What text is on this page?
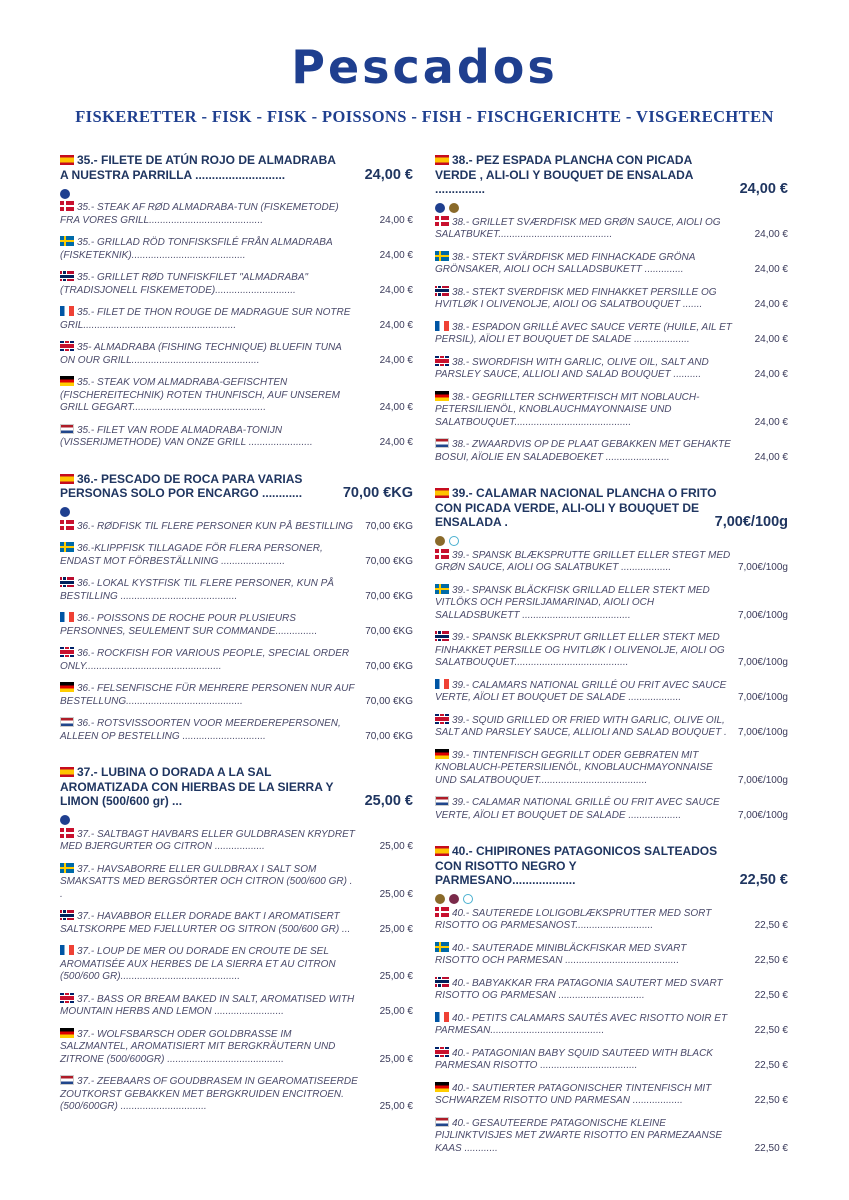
Pescados
FISKERETTER - FISK - FISK - POISSONS - FISH - FISCHGERICHTE - VISGERECHTEN
35.- FILETE DE ATÚN ROJO DE ALMADRABA A NUESTRA PARRILLA ...........................	24,00 €
35.- STEAK AF RØD ALMADRABA-TUN (FISKEMETODE) FRA VORES GRILL.........................................	24,00 €
35.- GRILLAD RÖD TONFISKSFILÉ FRÅN ALMADRABA (FISKETEKNIK).........................................	24,00 €
35.- GRILLET RØD TUNFISKFILET "ALMADRABA" (TRADISJONELL FISKEMETODE).............................	24,00 €
35.- FILET DE THON ROUGE DE MADRAGUE SUR NOTRE GRIL.......................................................	24,00 €
35- ALMADRABA (FISHING TECHNIQUE) BLUEFIN TUNA ON OUR GRILL..............................................	24,00 €
35.- STEAK VOM ALMADRABA-GEFISCHTEN (FISCHEREITECHNIK) ROTEN THUNFISCH, AUF UNSEREM GRILL GEGART................................................	24,00 €
35.- FILET VAN RODE ALMADRABA-TONIJN (VISSERIJMETHODE) VAN ONZE GRILL .......................	24,00 €
36.- PESCADO DE ROCA PARA VARIAS PERSONAS SOLO POR ENCARGO ............	70,00 €KG
36.- RØDFISK TIL FLERE PERSONER KUN PÅ BESTILLING 70,00 €KG
36.-KLIPPFISK TILLAGADE FÖR FLERA PERSONER, ENDAST MOT FÖRBESTÄLLNING .......................	70,00 €KG
36.- LOKAL KYSTFISK TIL FLERE PERSONER, KUN PÅ BESTILLING ..........................................	70,00 €KG
36.- POISSONS DE ROCHE POUR PLUSIEURS PERSONNES, SEULEMENT SUR COMMANDE...............	70,00 €KG
36.- ROCKFISH FOR VARIOUS PEOPLE, SPECIAL ORDER ONLY.................................................	70,00 €KG
36.- FELSENFISCHE FÜR MEHRERE PERSONEN NUR AUF BESTELLUNG..........................................	70,00 €KG
36.- ROTSVISSOORTEN VOOR MEERDEREPERSONEN, ALLEEN OP BESTELLING ..............................	70,00 €KG
37.- LUBINA O DORADA A LA SAL AROMATIZADA CON HIERBAS DE LA SIERRA Y LIMON (500/600 gr) ...	25,00 €
37.- SALTBAGT HAVBARS ELLER GULDBRASEN KRYDRET MED BJERGURTER OG CITRON ..................	25,00 €
37.- HAVSABORRE ELLER GULDBRAX I SALT SOM SMAKSATTS MED BERGSÖRTER OCH CITRON (500/600 GR) . .	25,00 €
37.- HAVABBOR ELLER DORADE BAKT I AROMATISERT SALTSKORPE MED FJELLURTER OG SITRON (500/600 GR) ...	25,00 €
37.- LOUP DE MER OU DORADE EN CROUTE DE SEL AROMATISÉE AUX HERBES DE LA SIERRA ET AU CITRON (500/600 GR)...........................................	25,00 €
37.- BASS OR BREAM BAKED IN SALT, AROMATISED WITH MOUNTAIN HERBS AND LEMON .........................	25,00 €
37.- WOLFSBARSCH ODER GOLDBRASSE IM SALZMANTEL, AROMATISIERT MIT BERGKRÄUTERN UND ZITRONE (500/600GR) ..........................................	25,00 €
37.- ZEEBAARS OF GOUDBRASEM IN GEAROMATISEERDE ZOUTKORST GEBAKKEN MET BERGKRUIDEN ENCITROEN.(500/600GR) ...............................	25,00 €
38.- PEZ ESPADA PLANCHA CON PICADA VERDE , ALI-OLI Y BOUQUET DE ENSALADA ...............	24,00 €
38.- GRILLET SVÆRDFISK MED GRØN SAUCE, AIOLI OG SALATBUKET.........................................	24,00 €
38.- STEKT SVÄRDFISK MED FINHACKADE GRÖNA GRÖNSAKER, AIOLI OCH SALLADSBUKETT ..............	24,00 €
38.- STEKT SVERDFISK MED FINHAKKET PERSILLE OG HVITLØK I OLIVENOLJE, AIOLI OG SALATBOUQUET .......	24,00 €
38.- ESPADON GRILLÉ AVEC SAUCE VERTE (HUILE, AIL ET PERSIL), AÏOLI ET BOUQUET DE SALADE ....................	24,00 €
38.- SWORDFISH WITH GARLIC, OLIVE OIL, SALT AND PARSLEY SAUCE, ALLIOLI AND SALAD BOUQUET ..........	24,00 €
38.- GEGRILLTER SCHWERTFISCH MIT NOBLAUCH-PETERSILIENÖL, KNOBLAUCHMAYONNAISE UND SALATBOUQUET..........................................	24,00 €
38.- ZWAARDVIS OP DE PLAAT GEBAKKEN MET GEHAKTE BOSUI, AÏOLIE EN SALADEBOEKET .......................	24,00 €
39.- CALAMAR NACIONAL PLANCHA O FRITO CON PICADA VERDE, ALI-OLI Y BOUQUET DE ENSALADA .	7,00€/100g
39.- SPANSK BLÆKSPRUTTE GRILLET ELLER STEGT MED GRØN SAUCE, AIOLI OG SALATBUKET ..................	7,00€/100g
39.- SPANSK BLÄCKFISK GRILLAD ELLER STEKT MED VITLÖKS OCH PERSILJAMARINAD, AIOLI OCH SALLADSBUKETT .......................................	7,00€/100g
39.- SPANSK BLEKKSPRUT GRILLET ELLER STEKT MED FINHAKKET PERSILLE OG HVITLØK I OLIVENOLJE, AIOLI OG SALATBOUQUET.........................................	7,00€/100g
39.- CALAMARS NATIONAL GRILLÉ OU FRIT AVEC SAUCE VERTE, AÏOLI ET BOUQUET DE SALADE ...................	7,00€/100g
39.- SQUID GRILLED OR FRIED WITH GARLIC, OLIVE OIL, SALT AND PARSLEY SAUCE, ALLIOLI AND SALAD BOUQUET . 7,00€/100g
39.- TINTENFISCH GEGRILLT ODER GEBRATEN MIT KNOBLAUCH-PETERSILIENÖL, KNOBLAUCHMAYONNAISE UND SALATBOUQUET.......................................	7,00€/100g
39.- CALAMAR NATIONAL GRILLÉ OU FRIT AVEC SAUCE VERTE, AÏOLI ET BOUQUET DE SALADE ...................	7,00€/100g
40.- CHIPIRONES PATAGONICOS SALTEADOS CON RISOTTO NEGRO Y PARMESANO...................	22,50 €
40.- SAUTEREDE LOLIGOBLÆKSPRUTTER MED SORT RISOTTO OG PARMESANOST............................	22,50 €
40.- SAUTERADE MINIBLÄCKFISKAR MED SVART RISOTTO OCH PARMESAN .........................................	22,50 €
40.- BABYAKKAR FRA PATAGONIA SAUTERT MED SVART RISOTTO OG PARMESAN ...............................	22,50 €
40.- PETITS CALAMARS SAUTÉS AVEC RISOTTO NOIR ET PARMESAN.........................................	22,50 €
40.- PATAGONIAN BABY SQUID SAUTEED WITH BLACK PARMESAN RISOTTO ...................................	22,50 €
40.- SAUTIERTER PATAGONISCHER TINTENFISCH MIT SCHWARZEM RISOTTO UND PARMESAN ..................	22,50 €
40.- GESAUTEERDE PATAGONISCHE KLEINE PIJLINKTVISJES MET ZWARTE RISOTTO EN PARMEZAANSE KAAS ............	22,50 €
